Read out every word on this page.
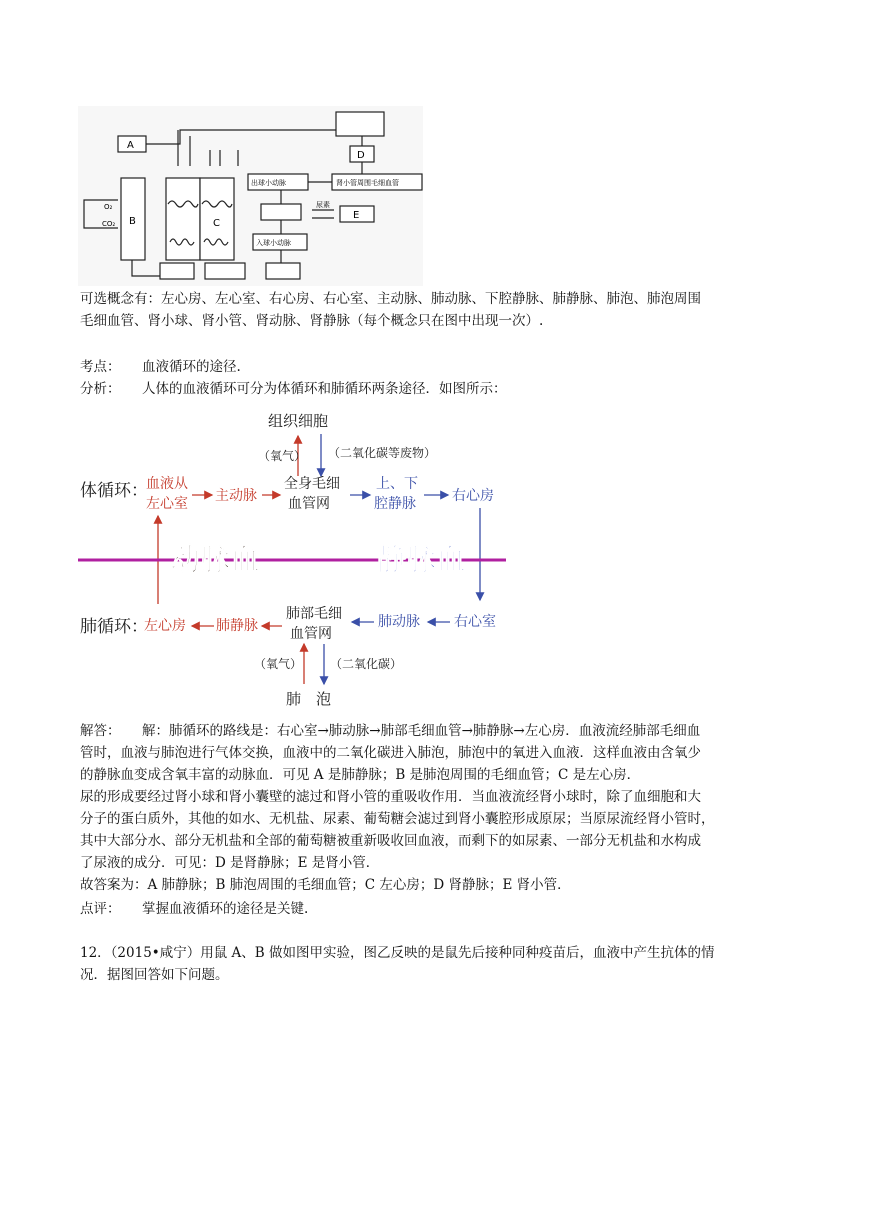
A
B	C
D
E
O₂
CO₂
出球小动脉	肾小管周围毛细血管
尿素
入球小动脉
可选概念有：左心房、左心室、右心房、右心室、主动脉、肺动脉、下腔静脉、肺静脉、肺泡、肺泡周围
毛细血管、肾小球、肾小管、肾动脉、肾静脉（每个概念只在图中出现一次）.
考点： 血液循环的途径.
分析： 人体的血液循环可分为体循环和肺循环两条途径．如图所示：
组织细胞
（氧气） （二氧化碳等废物）
体循环：
血液从
左心室 主动脉
全身毛细
血管网
上、下
腔静脉	右心房
动脉血	静脉血
肺循环：
左心房 肺静脉
肺部毛细
血管网
肺动脉 右心室
（氧气） （二氧化碳）
肺　泡
解答： 解：肺循环的路线是：右心室→肺动脉→肺部毛细血管→肺静脉→左心房．血液流经肺部毛细血
管时，血液与肺泡进行气体交换，血液中的二氧化碳进入肺泡，肺泡中的氧进入血液．这样血液由含氧少
的静脉血变成含氧丰富的动脉血．可见 A 是肺静脉；B 是肺泡周围的毛细血管；C 是左心房．
尿的形成要经过肾小球和肾小囊壁的滤过和肾小管的重吸收作用．当血液流经肾小球时，除了血细胞和大
分子的蛋白质外，其他的如水、无机盐、尿素、葡萄糖会滤过到肾小囊腔形成原尿；当原尿流经肾小管时，
其中大部分水、部分无机盐和全部的葡萄糖被重新吸收回血液，而剩下的如尿素、一部分无机盐和水构成
了尿液的成分．可见：D 是肾静脉；E 是肾小管．
故答案为：A 肺静脉；B 肺泡周围的毛细血管；C 左心房；D 肾静脉；E 肾小管．
点评： 掌握血液循环的途径是关键.
12．（2015•咸宁）用鼠 A、B 做如图甲实验，图乙反映的是鼠先后接种同种疫苗后，血液中产生抗体的情
况．据图回答如下问题。
